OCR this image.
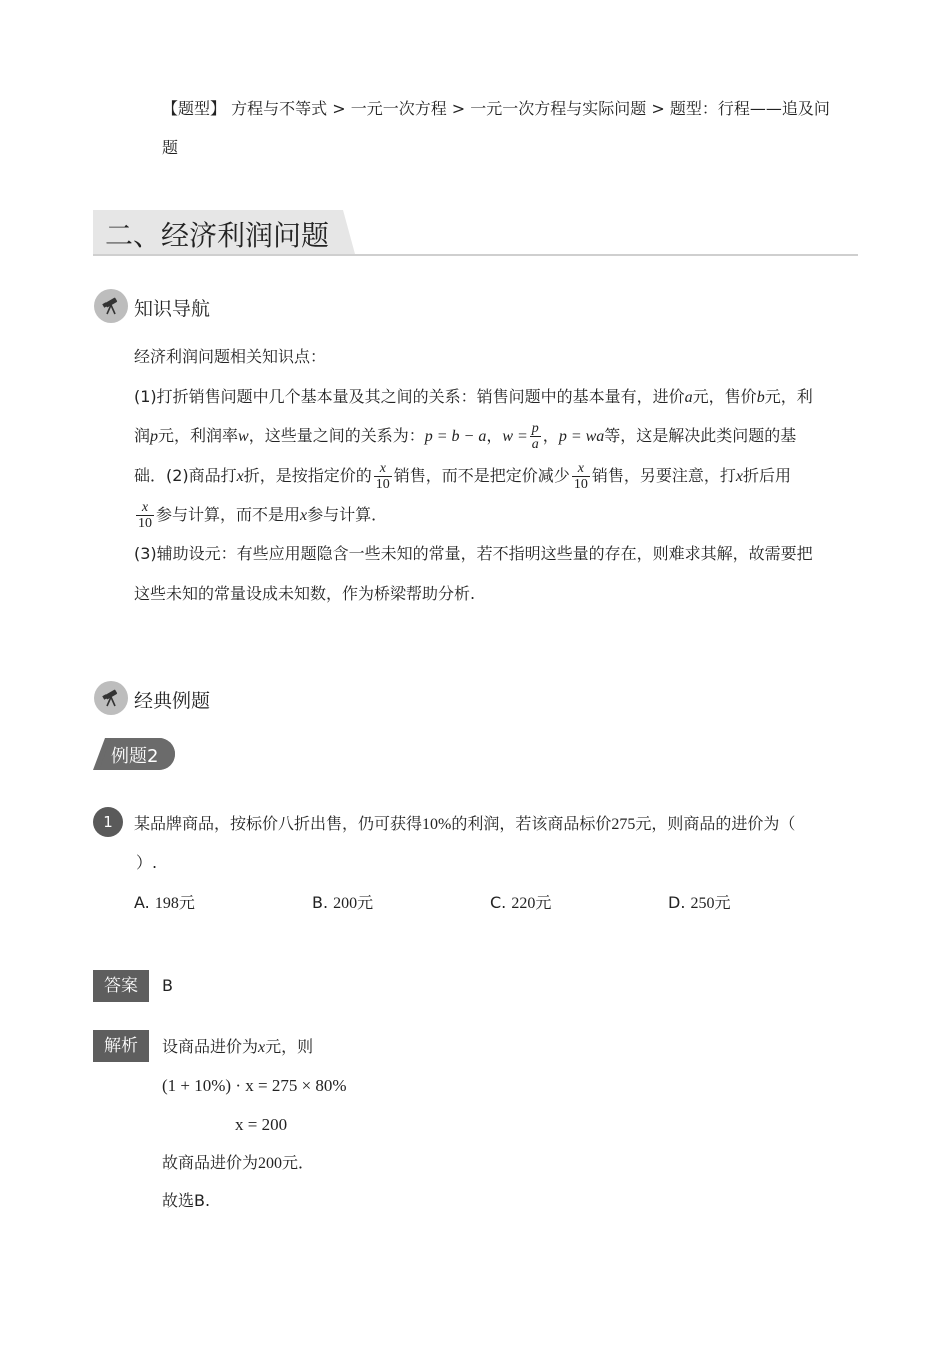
【题型】 方程与不等式 > 一元一次方程 > 一元一次方程与实际问题 > 题型：行程——追及问
题
二、经济利润问题
知识导航
经济利润问题相关知识点：
(1)打折销售问题中几个基本量及其之间的关系：销售问题中的基本量有，进价a元，售价b元，利
润p元，利润率w，这些量之间的关系为：p = b − a，$w = \frac{p}{a}$ ，p = wa等，这是解决此类问题的基
础．(2)商品打x折，是按指定价的 $\frac{x}{10}$ 销售，而不是把定价减少 $\frac{x}{10}$ 销售，另要注意，打x折后用
$\frac{x}{10}$ 参与计算，而不是用x参与计算．
(3)辅助设元：有些应用题隐含一些未知的常量，若不指明这些量的存在，则难求其解，故需要把
这些未知的常量设成未知数，作为桥梁帮助分析.
经典例题
例题2
1	某品牌商品，按标价八折出售，仍可获得10%的利润，若该商品标价275元，则商品的进价为（
）.
A. 198元	B. 200元	C. 220元	D. 250元
答案	B
解析	设商品进价为x元，则
(1 + 10%) · x = 275 × 80%
x = 200
故商品进价为200元．
故选B.
